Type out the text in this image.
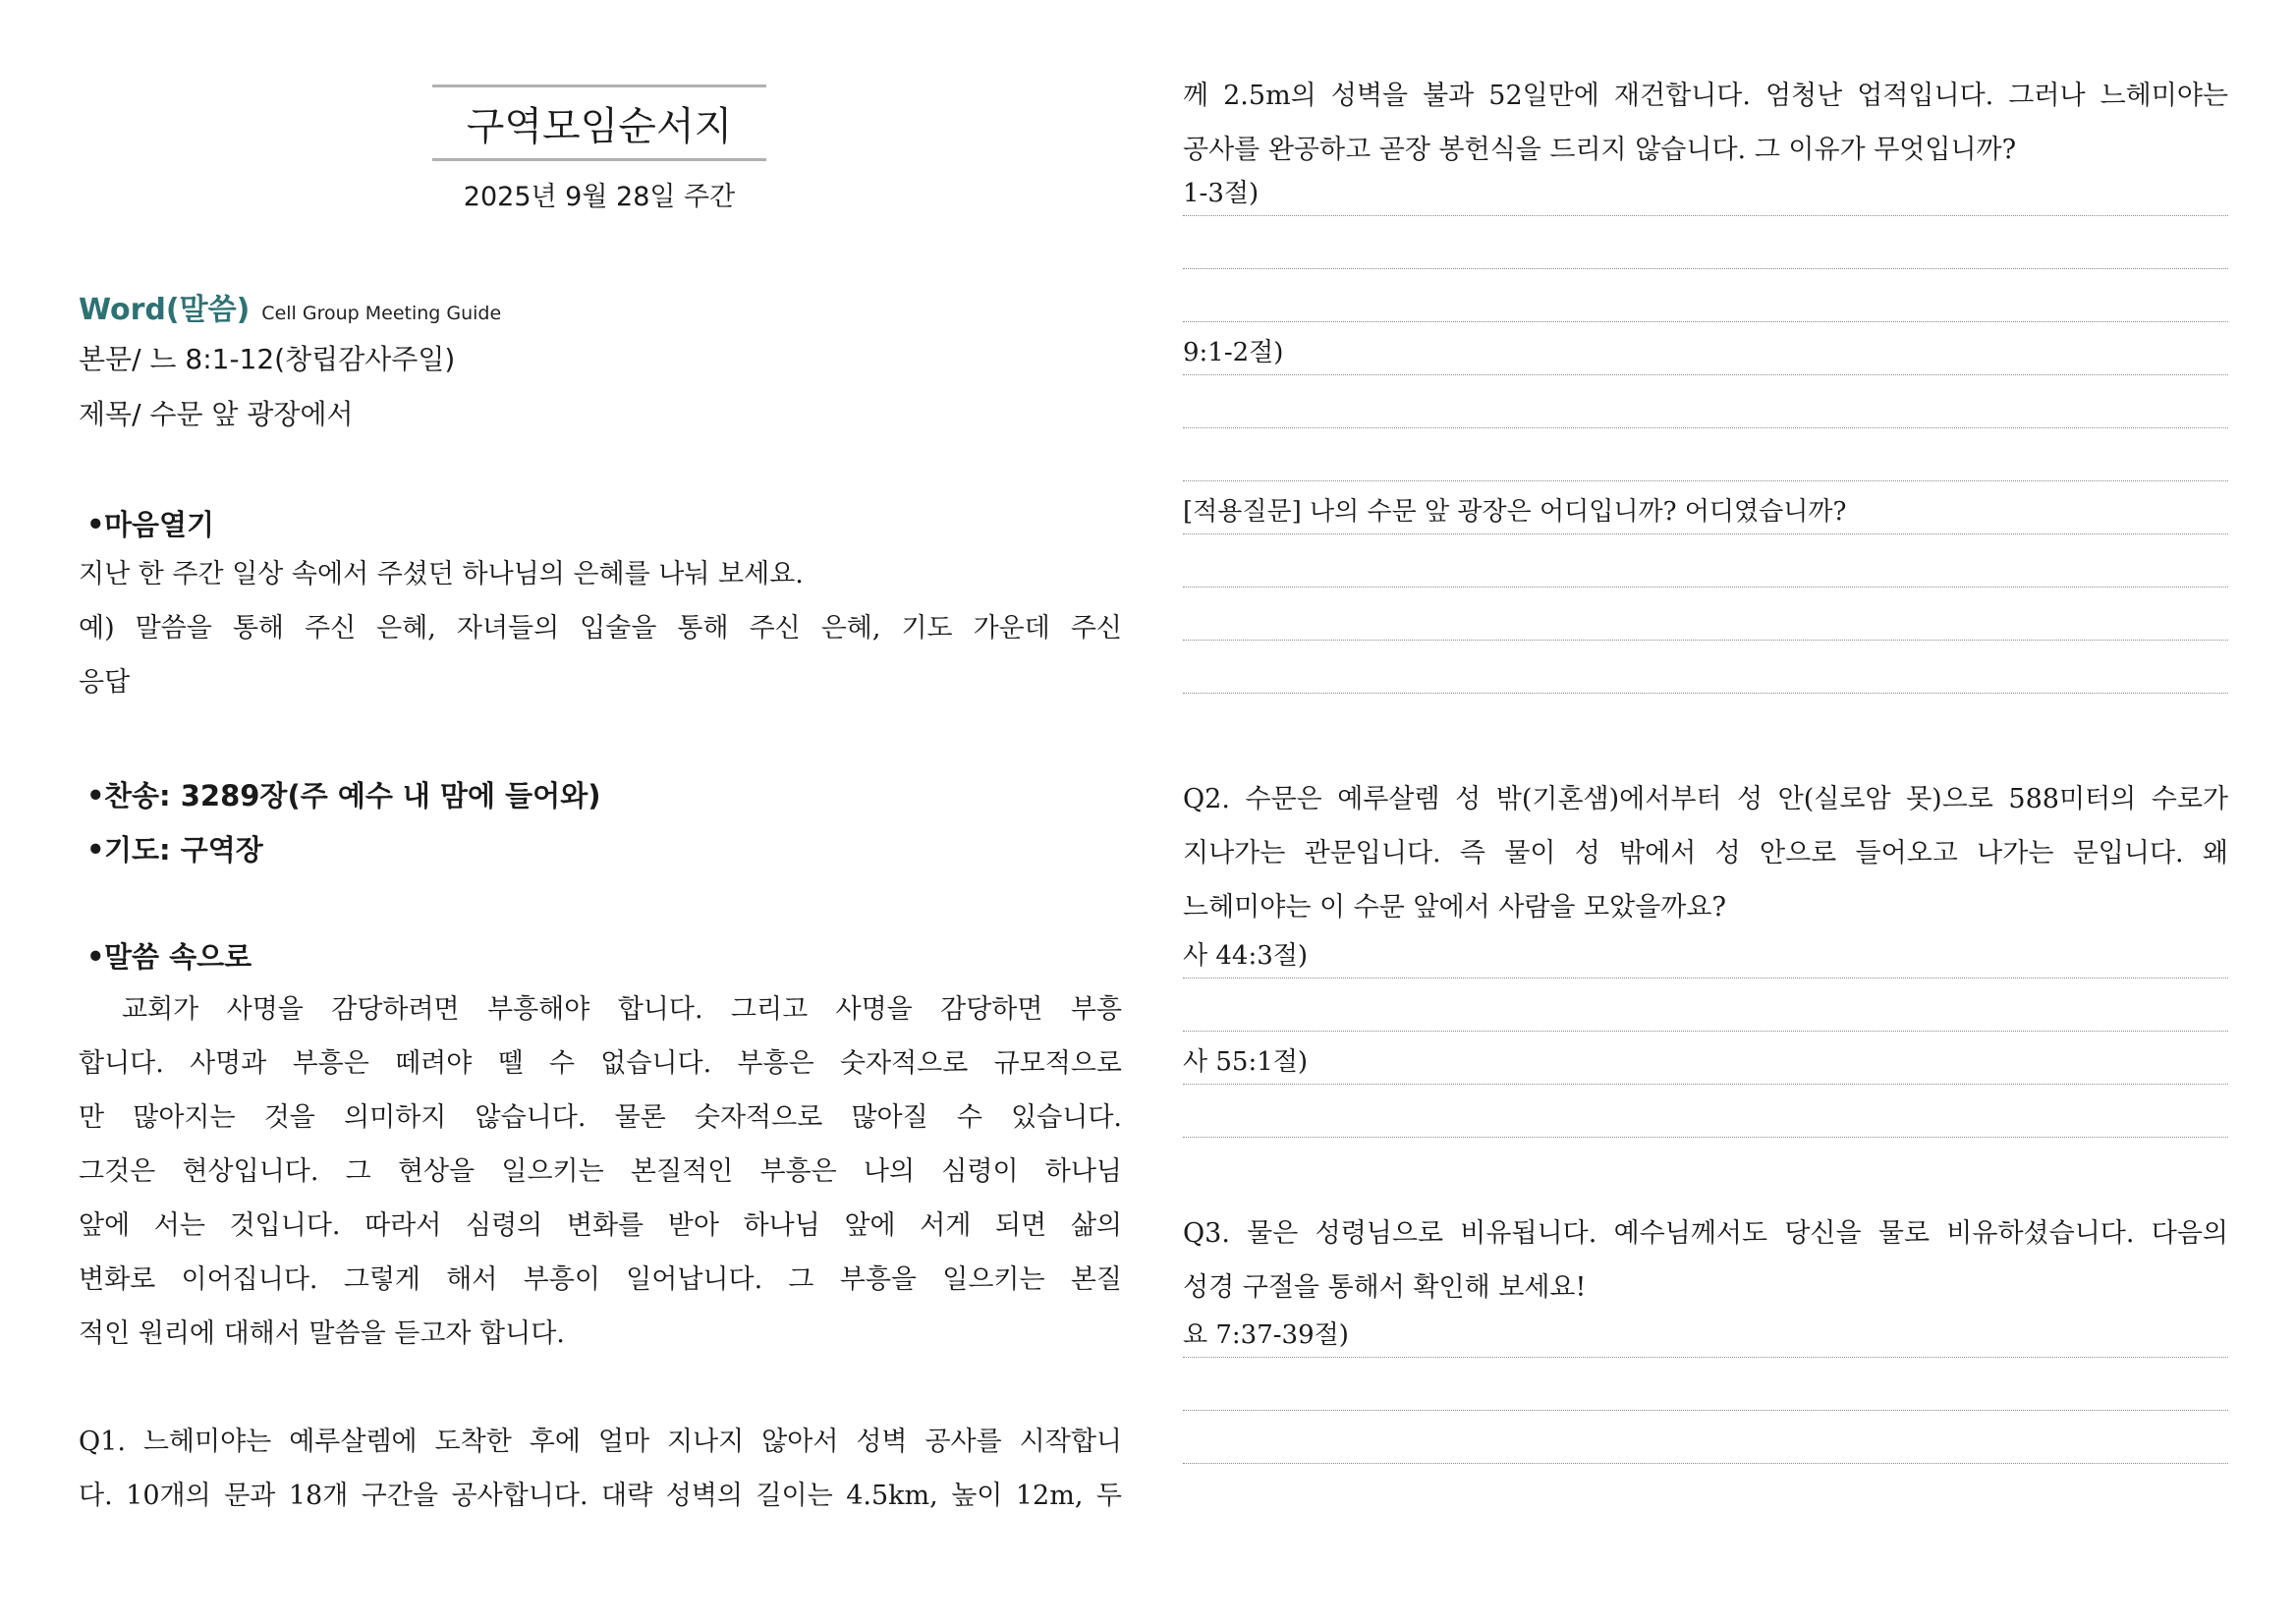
구역모임순서지
2025년 9월 28일 주간
Word(말씀) Cell Group Meeting Guide
본문/ 느 8:1-12(창립감사주일)
제목/ 수문 앞 광장에서
•마음열기
지난 한 주간 일상 속에서 주셨던 하나님의 은혜를 나눠 보세요.
예) 말씀을 통해 주신 은혜, 자녀들의 입술을 통해 주신 은혜, 기도 가운데 주신
응답
•찬송: 3289장(주 예수 내 맘에 들어와)
•기도: 구역장
•말씀 속으로
교회가 사명을 감당하려면 부흥해야 합니다. 그리고 사명을 감당하면 부흥
합니다. 사명과 부흥은 떼려야 뗄 수 없습니다. 부흥은 숫자적으로 규모적으로
만 많아지는 것을 의미하지 않습니다. 물론 숫자적으로 많아질 수 있습니다.
그것은 현상입니다. 그 현상을 일으키는 본질적인 부흥은 나의 심령이 하나님
앞에 서는 것입니다. 따라서 심령의 변화를 받아 하나님 앞에 서게 되면 삶의
변화로 이어집니다. 그렇게 해서 부흥이 일어납니다. 그 부흥을 일으키는 본질
적인 원리에 대해서 말씀을 듣고자 합니다.
Q1. 느헤미야는 예루살렘에 도착한 후에 얼마 지나지 않아서 성벽 공사를 시작합니
다. 10개의 문과 18개 구간을 공사합니다. 대략 성벽의 길이는 4.5km, 높이 12m, 두
께 2.5m의 성벽을 불과 52일만에 재건합니다. 엄청난 업적입니다. 그러나 느헤미야는
공사를 완공하고 곧장 봉헌식을 드리지 않습니다. 그 이유가 무엇입니까?
1-3절)
9:1-2절)
[적용질문] 나의 수문 앞 광장은 어디입니까? 어디였습니까?
Q2. 수문은 예루살렘 성 밖(기혼샘)에서부터 성 안(실로암 못)으로 588미터의 수로가
지나가는 관문입니다. 즉 물이 성 밖에서 성 안으로 들어오고 나가는 문입니다. 왜
느헤미야는 이 수문 앞에서 사람을 모았을까요?
사 44:3절)
사 55:1절)
Q3. 물은 성령님으로 비유됩니다. 예수님께서도 당신을 물로 비유하셨습니다. 다음의
성경 구절을 통해서 확인해 보세요!
요 7:37-39절)
